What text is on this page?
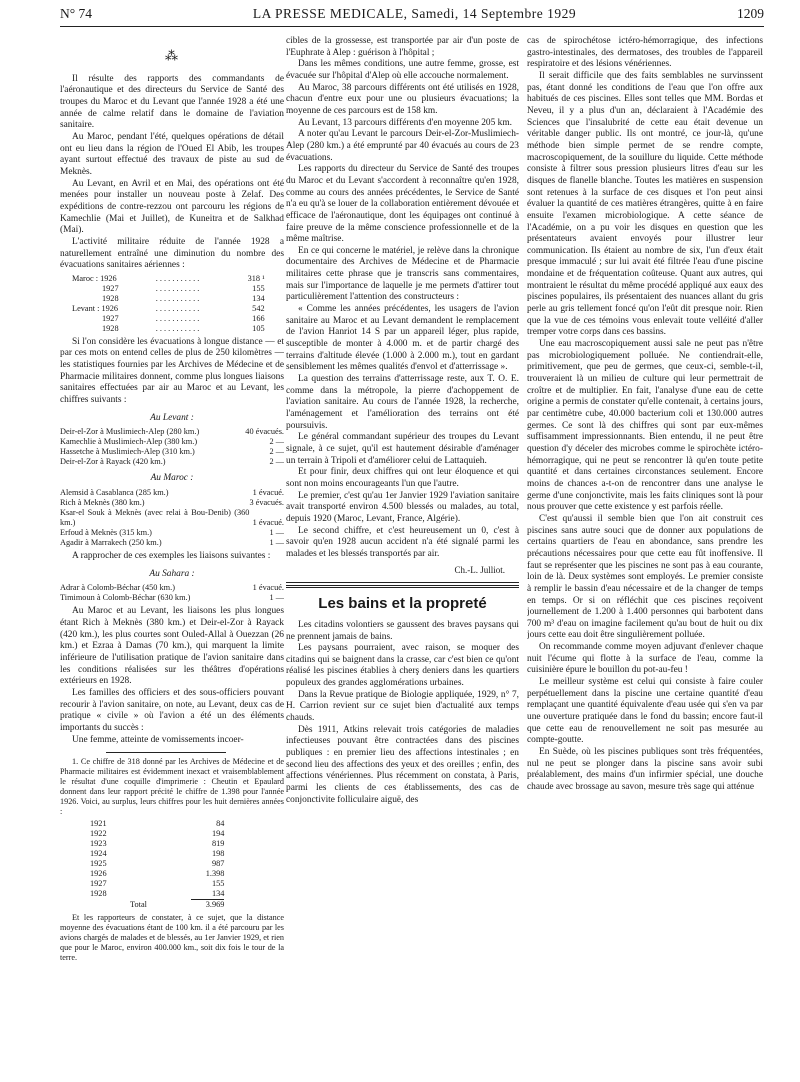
N° 74	LA PRESSE MEDICALE, Samedi, 14 Septembre 1929	1209
⁂

Il résulte des rapports des commandants de l'aéronautique et des directeurs du Service de Santé des troupes du Maroc et du Levant que l'année 1928 a été une année de calme relatif dans le domaine de l'aviation sanitaire.

Au Maroc, pendant l'été, quelques opérations de détail ont eu lieu dans la région de l'Oued El Abib, les troupes ayant surtout effectué des travaux de piste au sud de Meknès.

Au Levant, en Avril et en Mai, des opérations ont été menées pour installer un nouveau poste à Zelaf. Des expéditions de contre-rezzou ont parcouru les régions de Kamechlie (Mai et Juillet), de Kuneitra et de Salkhad (Mai).

L'activité militaire réduite de l'année 1928 a naturellement entraîné une diminution du nombre des évacuations sanitaires aériennes :

Maroc : 1926	. . . . . . . . . . .	318 ¹
1927	. . . . . . . . . . .	155
1928	. . . . . . . . . . .	134
Levant : 1926	. . . . . . . . . . .	542
1927	. . . . . . . . . . .	166
1928	. . . . . . . . . . .	105

Si l'on considère les évacuations à longue distance — et par ces mots on entend celles de plus de 250 kilomètres — les statistiques fournies par les Archives de Médecine et de Pharmacie militaires donnent, comme plus longues liaisons sanitaires effectuées par air au Maroc et au Levant, les chiffres suivants :

Au Levant :
Deir-el-Zor à Muslimiech-Alep (280 km.)	40 évacués.
Kamechlie à Muslimiech-Alep (380 km.)	2 —
Hassetche à Muslimiech-Alep (310 km.)	2 —
Deir-el-Zor à Rayack (420 km.)	2 —
Au Maroc :
Alemsid à Casablanca (285 km.)	1 évacué.
Rich à Meknès (380 km.)	3 évacués.
Ksar-el Souk à Meknès (avec relai à Bou-Denib) (360 km.)	1 évacué.
Erfoud à Meknès (315 km.)	1 —
Agadir à Marrakech (250 km.)	1 —

A rapprocher de ces exemples les liaisons suivantes :

Au Sahara :
Adrar à Colomb-Béchar (450 km.)	1 évacué.
Timimoun à Colomb-Béchar (630 km.)	1 —

Au Maroc et au Levant, les liaisons les plus longues étant Rich à Meknès (380 km.) et Deir-el-Zor à Rayack (420 km.), les plus courtes sont Ouled-Allal à Ouezzan (26 km.) et Ezraa à Damas (70 km.), qui marquent la limite inférieure de l'utilisation pratique de l'avion sanitaire dans les conditions réalisées sur les théâtres d'opérations extérieurs en 1928.

Les familles des officiers et des sous-officiers pouvant recourir à l'avion sanitaire, on note, au Levant, deux cas de pratique « civile » où l'avion a été un des éléments importants du succès :

Une femme, atteinte de vomissements incoer-

1. Ce chiffre de 318 donné par les Archives de Médecine et de Pharmacie militaires est évidemment inexact et vraisemblablement le résultat d'une coquille d'imprimerie : Cheutin et Epaulard donnent dans leur rapport précité le chiffre de 1.398 pour l'année 1926. Voici, au surplus, leurs chiffres pour les huit dernières années :

1921	84
1922	194
1923	819
1924	198
1925	987
1926	1.398
1927	155
1928	134
Total	3.969

Et les rapporteurs de constater, à ce sujet, que la distance moyenne des évacuations étant de 100 km. il a été parcouru par les avions chargés de malades et de blessés, au 1er Janvier 1929, et rien que pour le Maroc, environ 400.000 km., soit dix fois le tour de la terre.

cibles de la grossesse, est transportée par air d'un poste de l'Euphrate à Alep : guérison à l'hôpital ;

Dans les mêmes conditions, une autre femme, grosse, est évacuée sur l'hôpital d'Alep où elle accouche normalement.

Au Maroc, 38 parcours différents ont été utilisés en 1928, chacun d'entre eux pour une ou plusieurs évacuations; la moyenne de ces parcours est de 158 km.

Au Levant, 13 parcours différents d'en moyenne 205 km.

A noter qu'au Levant le parcours Deir-el-Zor-Muslimiech-Alep (280 km.) a été emprunté par 40 évacués au cours de 23 évacuations.

Les rapports du directeur du Service de Santé des troupes du Maroc et du Levant s'accordent à reconnaître qu'en 1928, comme au cours des années précédentes, le Service de Santé n'a eu qu'à se louer de la collaboration entièrement dévouée et efficace de l'aéronautique, dont les équipages ont continué à faire preuve de la même conscience professionnelle et de la même maîtrise.

En ce qui concerne le matériel, je relève dans la chronique documentaire des Archives de Médecine et de Pharmacie militaires cette phrase que je transcris sans commentaires, mais sur l'importance de laquelle je me permets d'attirer tout particulièrement l'attention des constructeurs :

« Comme les années précédentes, les usagers de l'avion sanitaire au Maroc et au Levant demandent le remplacement de l'avion Hanriot 14 S par un appareil léger, plus rapide, susceptible de monter à 4.000 m. et de partir chargé des terrains d'altitude élevée (1.000 à 2.000 m.), tout en gardant sensiblement les mêmes qualités d'envol et d'atterrissage ».

La question des terrains d'atterrissage reste, aux T. O. E. comme dans la métropole, la pierre d'achoppement de l'aviation sanitaire. Au cours de l'année 1928, la recherche, l'aménagement et l'amélioration des terrains ont été poursuivis.

Le général commandant supérieur des troupes du Levant signale, à ce sujet, qu'il est hautement désirable d'aménager un terrain à Tripoli et d'améliorer celui de Lattaquieh.

Et pour finir, deux chiffres qui ont leur éloquence et qui sont non moins encourageants l'un que l'autre.

Le premier, c'est qu'au 1er Janvier 1929 l'aviation sanitaire avait transporté environ 4.500 blessés ou malades, au total, depuis 1920 (Maroc, Levant, France, Algérie).

Le second chiffre, et c'est heureusement un 0, c'est à savoir qu'en 1928 aucun accident n'a été signalé parmi les malades et les blessés transportés par air.

Ch.-L. Julliot.
Les bains et la propreté

Les citadins volontiers se gaussent des braves paysans qui ne prennent jamais de bains.

Les paysans pourraient, avec raison, se moquer des citadins qui se baignent dans la crasse, car c'est bien ce qu'ont réalisé les piscines établies à cherş deniers dans les quartiers populeux des grandes agglomérations urbaines.

Dans la Revue pratique de Biologie appliquée, 1929, n° 7, H. Carrion revient sur ce sujet bien d'actualité aux temps chauds.

Dès 1911, Atkins relevait trois catégories de maladies infectieuses pouvant être contractées dans des piscines publiques : en premier lieu des affections intestinales ; en second lieu des affections des yeux et des oreilles ; enfin, des affections vénériennes. Plus récemment on constata, à Paris, parmi les clients de ces établissements, des cas de conjonctivite folliculaire aiguë, des

cas de spirochétose ictéro-hémorragique, des infections gastro-intestinales, des dermatoses, des troubles de l'appareil respiratoire et des lésions vénériennes.

Il serait difficile que des faits semblables ne survinssent pas, étant donné les conditions de l'eau que l'on offre aux habitués de ces piscines. Elles sont telles que MM. Bordas et Neveu, il y a plus d'un an, déclaraient à l'Académie des Sciences que l'insalubrité de cette eau était devenue un véritable danger public. Ils ont montré, ce jour-là, qu'une méthode bien simple permet de se rendre compte, macroscopiquement, de la souillure du liquide. Cette méthode consiste à filtrer sous pression plusieurs litres d'eau sur les disques de flanelle blanche. Toutes les matières en suspension sont retenues à la surface de ces disques et l'on peut ainsi évaluer la quantité de ces matières étrangères, quitte à en faire ensuite l'examen microbiologique. A cette séance de l'Académie, on a pu voir les disques en question que les présentateurs avaient envoyés pour illustrer leur communication. Ils étaient au nombre de six, l'un d'eux était presque immaculé ; sur lui avait été filtrée l'eau d'une piscine mondaine et de fréquentation coûteuse. Quant aux autres, qui montraient le résultat du même procédé appliqué aux eaux des piscines populaires, ils présentaient des nuances allant du gris perle au gris tellement foncé qu'on l'eût dit presque noir. Rien que la vue de ces témoins vous enlevait toute velléité d'aller tremper votre corps dans ces bassins.

Une eau macroscopiquement aussi sale ne peut pas n'être pas microbiologiquement polluée. Ne contiendrait-elle, primitivement, que peu de germes, que ceux-ci, semble-t-il, trouveraient là un milieu de culture qui leur permettrait de croître et de multiplier. En fait, l'analyse d'une eau de cette origine a permis de constater qu'elle contenait, à certains jours, par centimètre cube, 40.000 bacterium coli et 130.000 autres germes. Ce sont là des chiffres qui sont par eux-mêmes suffisamment impressionnants. Bien entendu, il ne peut être question d'y déceler des microbes comme le spirochète ictéro-hémorragique, qui ne peut se rencontrer là qu'en toute petite quantité et dans certaines circonstances seulement. Encore moins de chances a-t-on de rencontrer dans une analyse le germe d'une conjonctivite, mais les faits cliniques sont là pour nous prouver que cette existence y est parfois réelle.

C'est qu'aussi il semble bien que l'on ait construit ces piscines sans autre souci que de donner aux populations de certains quartiers de l'eau en abondance, sans prendre les précautions nécessaires pour que cette eau fût inoffensive. Il faut se représenter que les piscines ne sont pas à eau courante, loin de là. Deux systèmes sont employés. Le premier consiste à remplir le bassin d'eau nécessaire et de la changer de temps en temps. Or si on réfléchit que ces piscines reçoivent journellement de 1.200 à 1.400 personnes qui barbotent dans 700 m³ d'eau on imagine facilement qu'au bout de huit ou dix jours cette eau doit être singulièrement polluée.

On recommande comme moyen adjuvant d'enlever chaque nuit l'écume qui flotte à la surface de l'eau, comme la cuisinière épure le bouillon du pot-au-feu !

Le meilleur système est celui qui consiste à faire couler perpétuellement dans la piscine une certaine quantité d'eau remplaçant une quantité équivalente d'eau usée qui s'en va par une ouverture pratiquée dans le fond du bassin; encore faut-il que cette eau de renouvellement ne soit pas mesurée au compte-goutte.

En Suède, où les piscines publiques sont très fréquentées, nul ne peut se plonger dans la piscine sans avoir subi préalablement, des mains d'un infirmier spécial, une douche chaude avec brossage au savon, mesure très sage qui atténue
